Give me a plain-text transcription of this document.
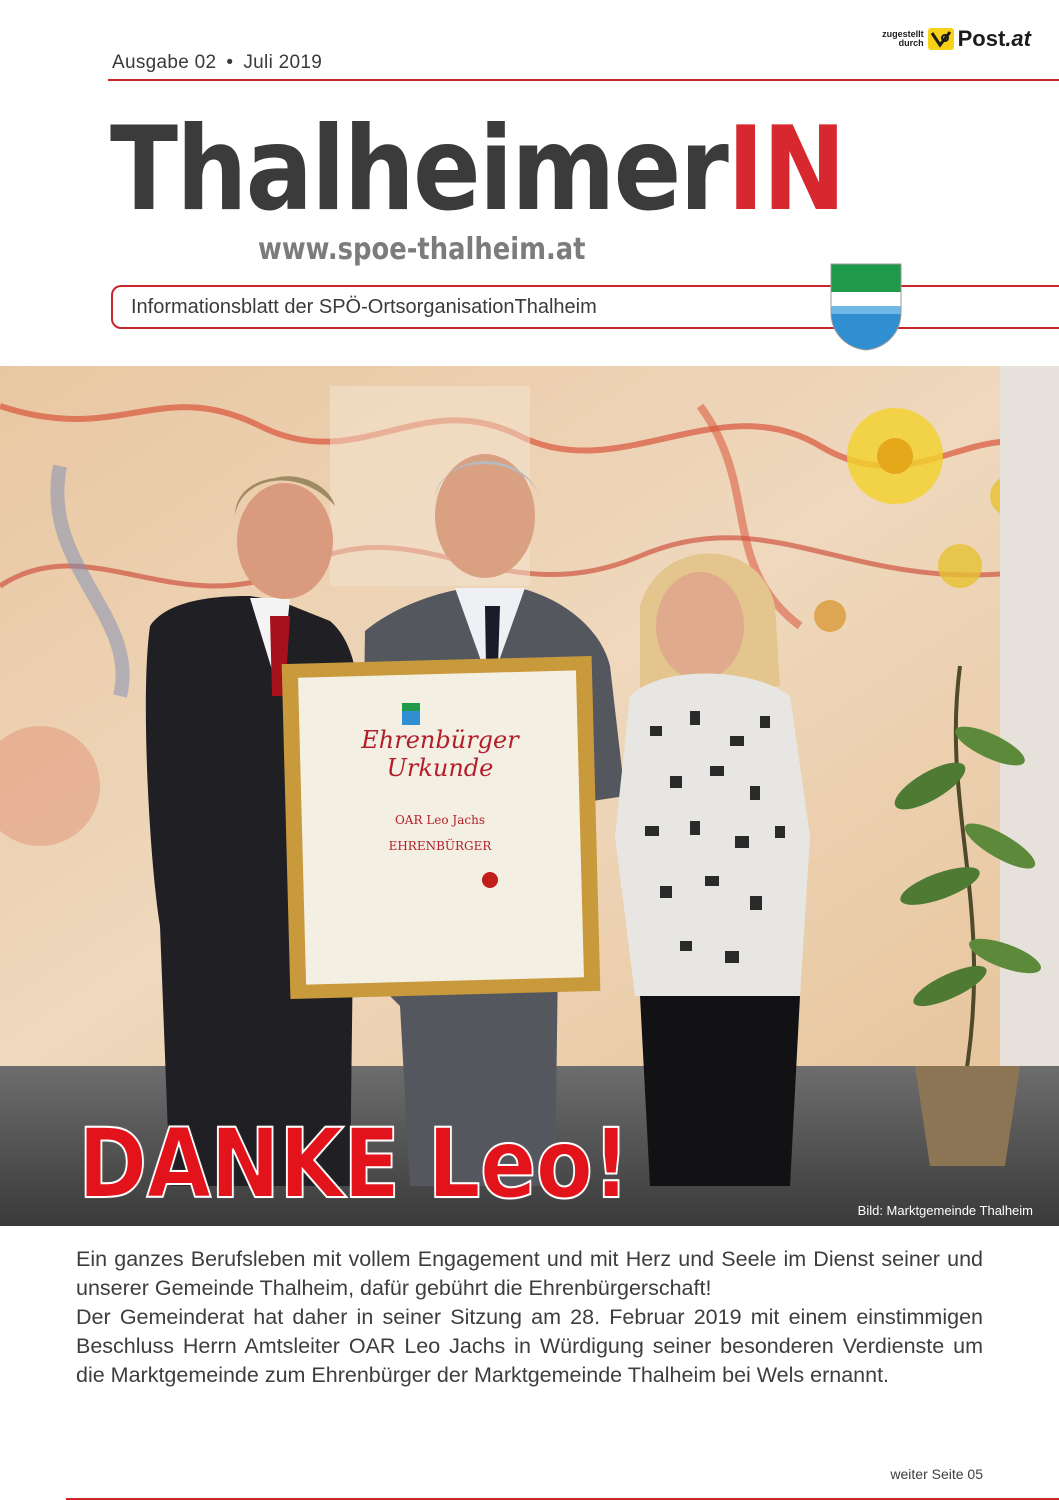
Ausgabe 02 • Juli 2019
zugestellt
durch Post.at
ThalheimerIN
www.spoe-thalheim.at
Informationsblatt der SPÖ-OrtsorganisationThalheim
Ehrenbürger
Urkunde
OAR Leo Jachs
EHRENBÜRGER
DANKE Leo!	Bild: Marktgemeinde Thalheim

Ein ganzes Berufsleben mit vollem Engagement und mit Herz und Seele im Dienst seiner und unserer Gemeinde Thalheim, dafür gebührt die Ehrenbürgerschaft!

Der Gemeinderat hat daher in seiner Sitzung am 28. Februar 2019 mit einem einstimmigen Beschluss Herrn Amtsleiter OAR Leo Jachs in Würdigung seiner besonderen Verdienste um die Marktgemeinde zum Ehrenbürger der Marktgemeinde Thalheim bei Wels ernannt.

weiter Seite 05
